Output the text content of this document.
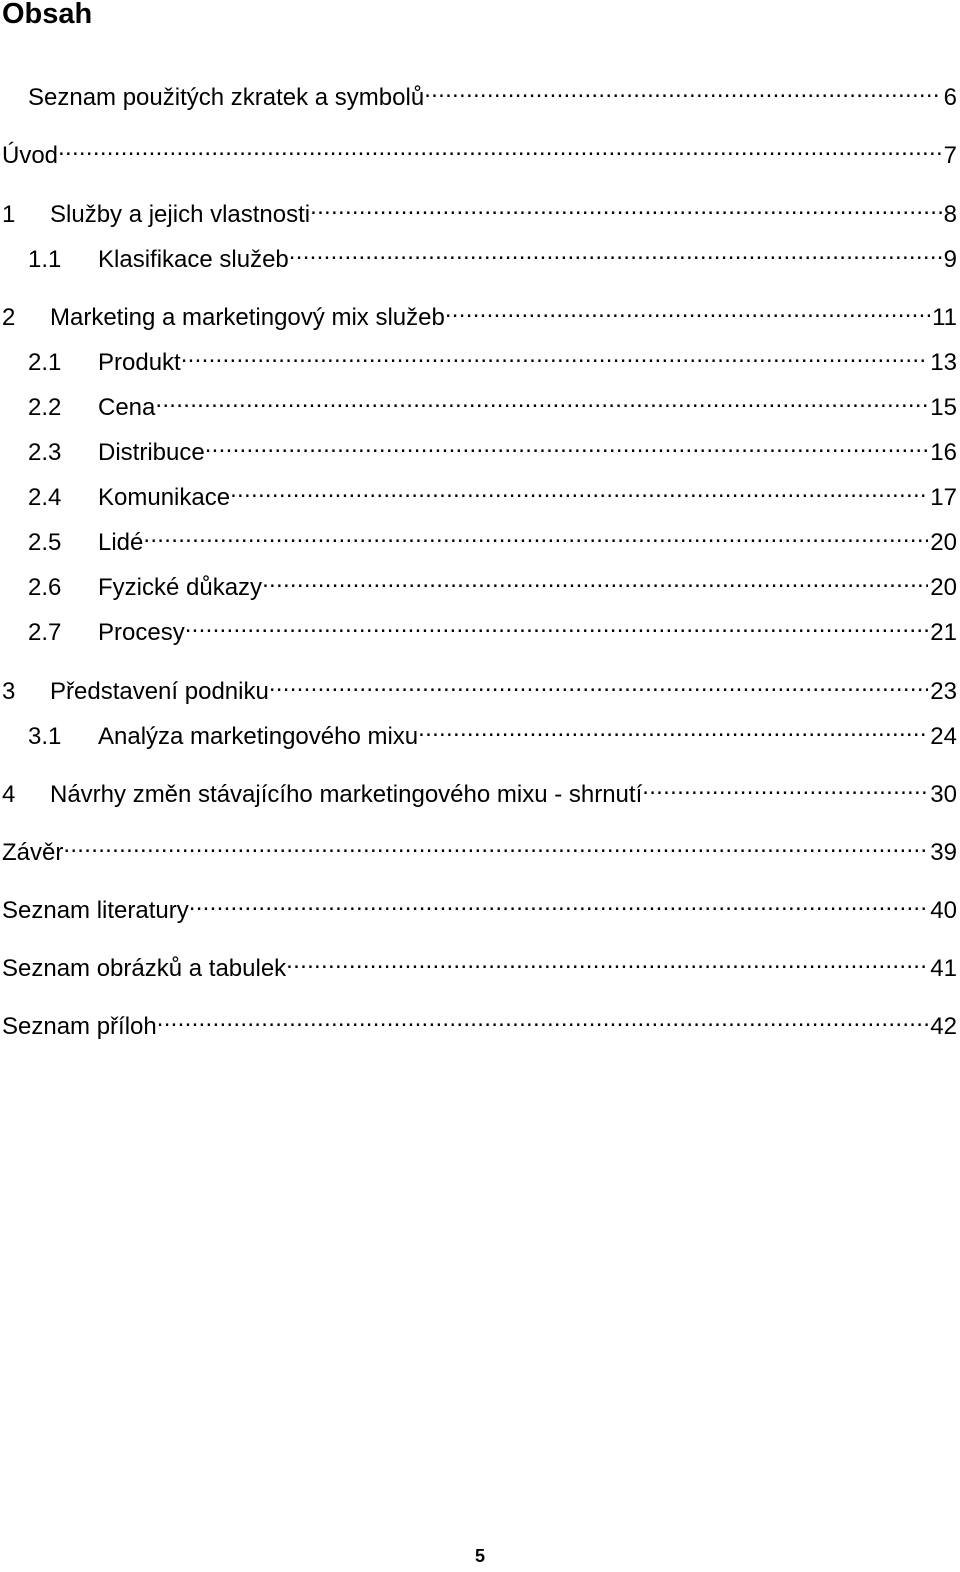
Obsah
Seznam použitých zkratek a symbolů .....	6
Úvod .....	7
1	Služby a jejich vlastnosti .....	8
1.1	Klasifikace služeb .....	9
2	Marketing a marketingový mix služeb .....	11
2.1	Produkt .....	13
2.2	Cena .....	15
2.3	Distribuce .....	16
2.4	Komunikace .....	17
2.5	Lidé .....	20
2.6	Fyzické důkazy .....	20
2.7	Procesy .....	21
3	Představení podniku .....	23
3.1	Analýza marketingového mixu .....	24
4	Návrhy změn stávajícího marketingového mixu - shrnutí .....	30
Závěr .....	39
Seznam literatury .....	40
Seznam obrázků a tabulek .....	41
Seznam příloh .....	42
5
